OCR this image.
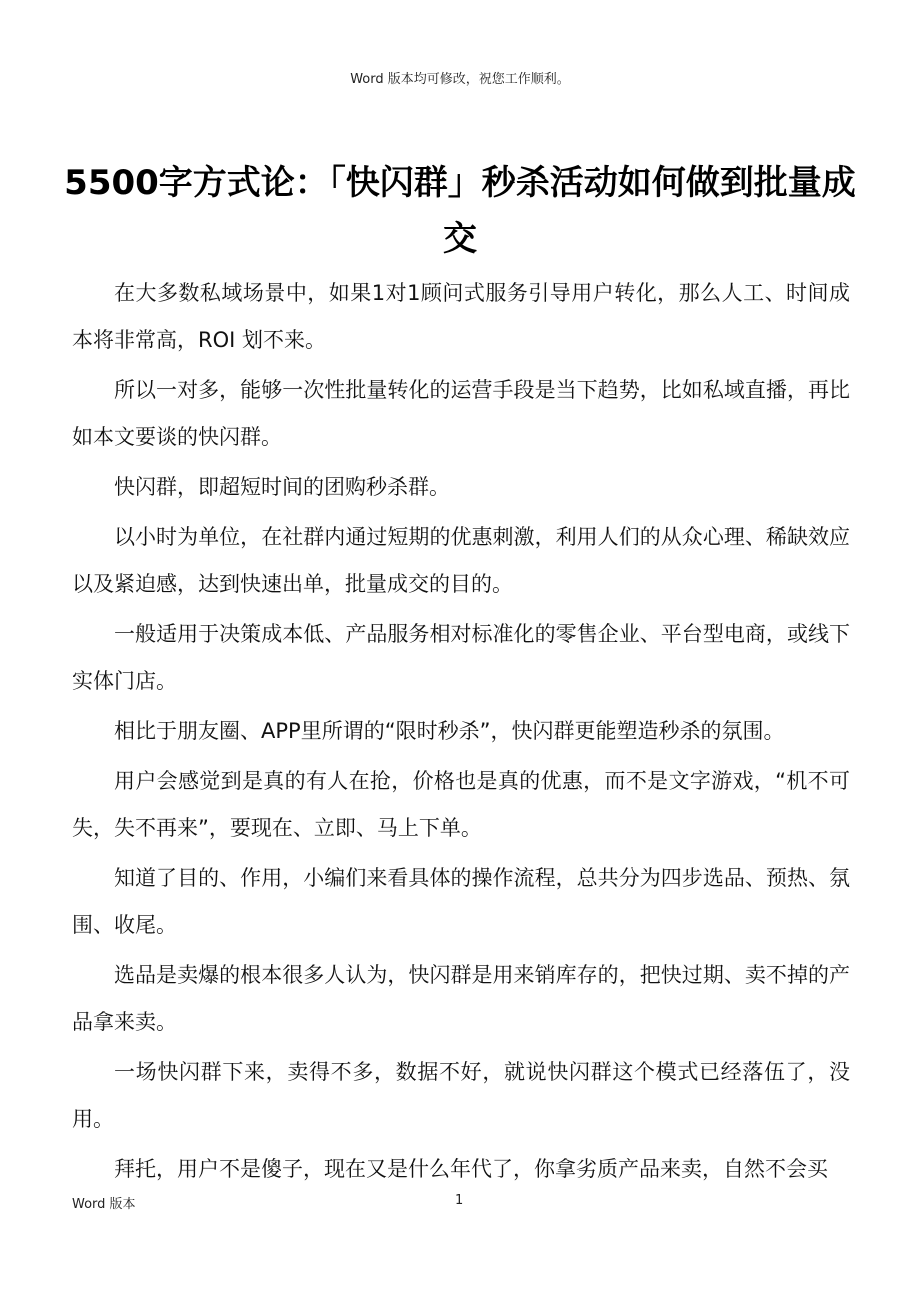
Word 版本均可修改，祝您工作顺利。
5500字方式论：「快闪群」秒杀活动如何做到批量成交

在大多数私域场景中，如果1对1顾问式服务引导用户转化，那么人工、时间成本将非常高，ROI 划不来。

所以一对多，能够一次性批量转化的运营手段是当下趋势，比如私域直播，再比如本文要谈的快闪群。

快闪群，即超短时间的团购秒杀群。

以小时为单位，在社群内通过短期的优惠刺激，利用人们的从众心理、稀缺效应以及紧迫感，达到快速出单，批量成交的目的。

一般适用于决策成本低、产品服务相对标准化的零售企业、平台型电商，或线下实体门店。

相比于朋友圈、APP里所谓的“限时秒杀”，快闪群更能塑造秒杀的氛围。

用户会感觉到是真的有人在抢，价格也是真的优惠，而不是文字游戏，“机不可失，失不再来”，要现在、立即、马上下单。

知道了目的、作用，小编们来看具体的操作流程，总共分为四步选品、预热、氛围、收尾。

选品是卖爆的根本很多人认为，快闪群是用来销库存的，把快过期、卖不掉的产品拿来卖。

一场快闪群下来，卖得不多，数据不好，就说快闪群这个模式已经落伍了，没用。

拜托，用户不是傻子，现在又是什么年代了，你拿劣质产品来卖，自然不会买

Word 版本	1
